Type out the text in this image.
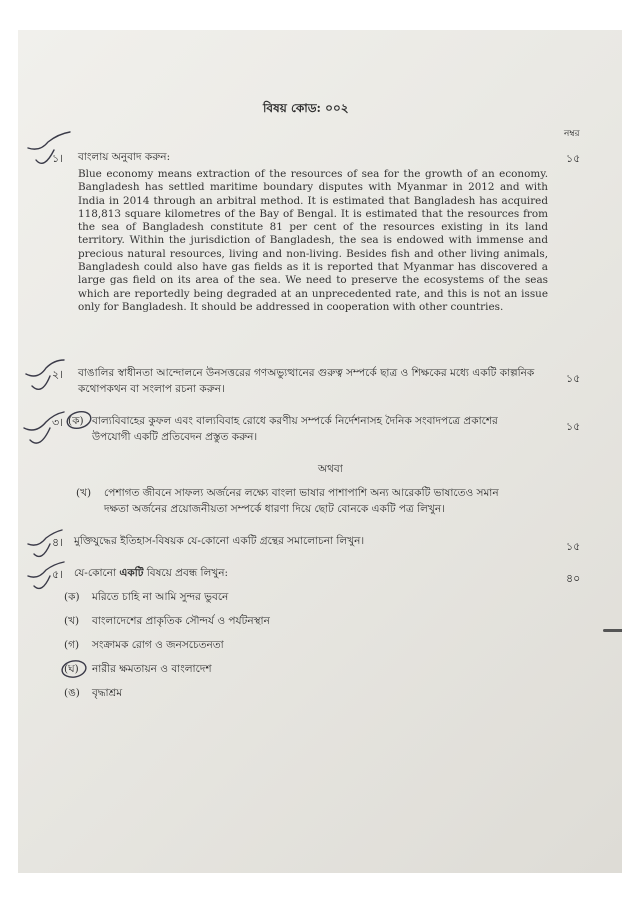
বিষয় কোড: ০০২
নম্বর
১। বাংলায় অনুবাদ করুন:	১৫
Blue economy means extraction of the resources of sea for the growth of an economy. Bangladesh has settled maritime boundary disputes with Myanmar in 2012 and with India in 2014 through an arbitral method. It is estimated that Bangladesh has acquired 118,813 square kilometres of the Bay of Bengal. It is estimated that the resources from the sea of Bangladesh constitute 81 per cent of the resources existing in its land territory. Within the jurisdiction of Bangladesh, the sea is endowed with immense and precious natural resources, living and non-living. Besides fish and other living animals, Bangladesh could also have gas fields as it is reported that Myanmar has discovered a large gas field on its area of the sea. We need to preserve the ecosystems of the seas which are reportedly being degraded at an unprecedented rate, and this is not an issue only for Bangladesh. It should be addressed in cooperation with other countries.
২। বাঙালির স্বাধীনতা আন্দোলনে উনসত্তরের গণঅভ্যুত্থানের গুরুত্ব সম্পর্কে ছাত্র ও শিক্ষকের মধ্যে একটি কাল্পনিক
কথোপকথন বা সংলাপ রচনা করুন।
১৫
৩। (ক) বাল্যবিবাহের কুফল এবং বাল্যবিবাহ রোধে করণীয় সম্পর্কে নির্দেশনাসহ দৈনিক সংবাদপত্রে প্রকাশের
উপযোগী একটি প্রতিবেদন প্রস্তুত করুন।
১৫
অথবা
(খ) পেশাগত জীবনে সাফল্য অর্জনের লক্ষ্যে বাংলা ভাষার পাশাপাশি অন্য আরেকটি ভাষাতেও সমান
দক্ষতা অর্জনের প্রয়োজনীয়তা সম্পর্কে ধারণা দিয়ে ছোট বোনকে একটি পত্র লিখুন।
৪। মুক্তিযুদ্ধের ইতিহাস-বিষয়ক যে-কোনো একটি গ্রন্থের সমালোচনা লিখুন।	১৫
৫। যে-কোনো একটি বিষয়ে প্রবন্ধ লিখুন:	৪০
(ক) মরিতে চাহি না আমি সুন্দর ভুবনে
(খ) বাংলাদেশের প্রাকৃতিক সৌন্দর্য ও পর্যটনস্থান
(গ) সংক্রামক রোগ ও জনসচেতনতা
(ঘ) নারীর ক্ষমতায়ন ও বাংলাদেশ
(ঙ) বৃদ্ধাশ্রম
